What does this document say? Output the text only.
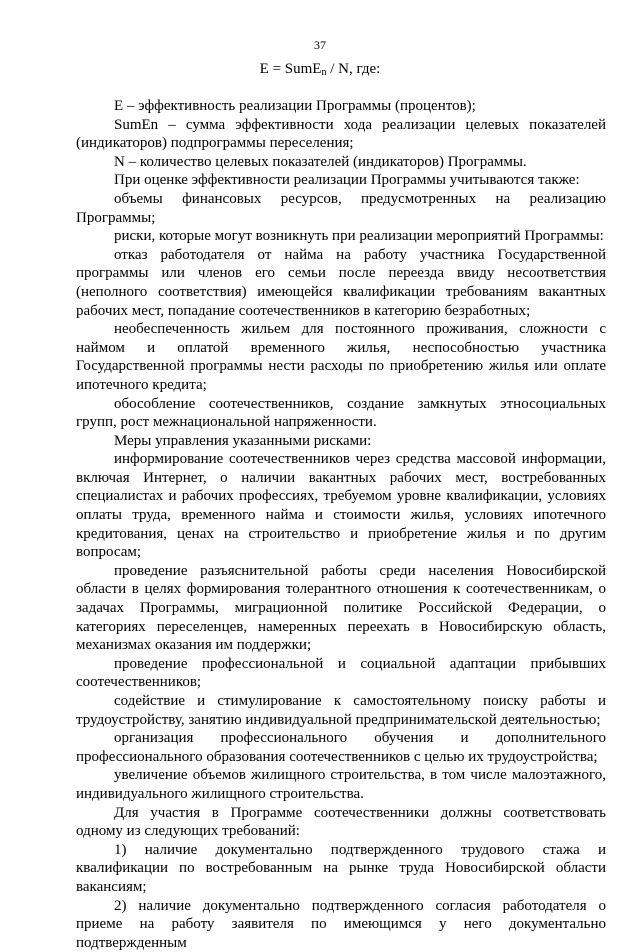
37
E = SumE$_n$ / N, где:

E – эффективность реализации Программы (процентов);

SumEn – сумма эффективности хода реализации целевых показателей (индикаторов) подпрограммы переселения;

N – количество целевых показателей (индикаторов) Программы.

При оценке эффективности реализации Программы учитываются также:

объемы финансовых ресурсов, предусмотренных на реализацию Программы;

риски, которые могут возникнуть при реализации мероприятий Программы:

отказ работодателя от найма на работу участника Государственной программы или членов его семьи после переезда ввиду несоответствия (неполного соответствия) имеющейся квалификации требованиям вакантных рабочих мест, попадание соотечественников в категорию безработных;

необеспеченность жильем для постоянного проживания, сложности с наймом и оплатой временного жилья, неспособностью участника Государственной программы нести расходы по приобретению жилья или оплате ипотечного кредита;

обособление соотечественников, создание замкнутых этносоциальных групп, рост межнациональной напряженности.

Меры управления указанными рисками:

информирование соотечественников через средства массовой информации, включая Интернет, о наличии вакантных рабочих мест, востребованных специалистах и рабочих профессиях, требуемом уровне квалификации, условиях оплаты труда, временного найма и стоимости жилья, условиях ипотечного кредитования, ценах на строительство и приобретение жилья и по другим вопросам;

проведение разъяснительной работы среди населения Новосибирской области в целях формирования толерантного отношения к соотечественникам, о задачах Программы, миграционной политике Российской Федерации, о категориях переселенцев, намеренных переехать в Новосибирскую область, механизмах оказания им поддержки;

проведение профессиональной и социальной адаптации прибывших соотечественников;

содействие и стимулирование к самостоятельному поиску работы и трудоустройству, занятию индивидуальной предпринимательской деятельностью;

организация профессионального обучения и дополнительного профессионального образования соотечественников с целью их трудоустройства;

увеличение объемов жилищного строительства, в том числе малоэтажного, индивидуального жилищного строительства.

Для участия в Программе соотечественники должны соответствовать одному из следующих требований:

1) наличие документально подтвержденного трудового стажа и квалификации по востребованным на рынке труда Новосибирской области вакансиям;

2) наличие документально подтвержденного согласия работодателя о приеме на работу заявителя по имеющимся у него документально подтвержденным
